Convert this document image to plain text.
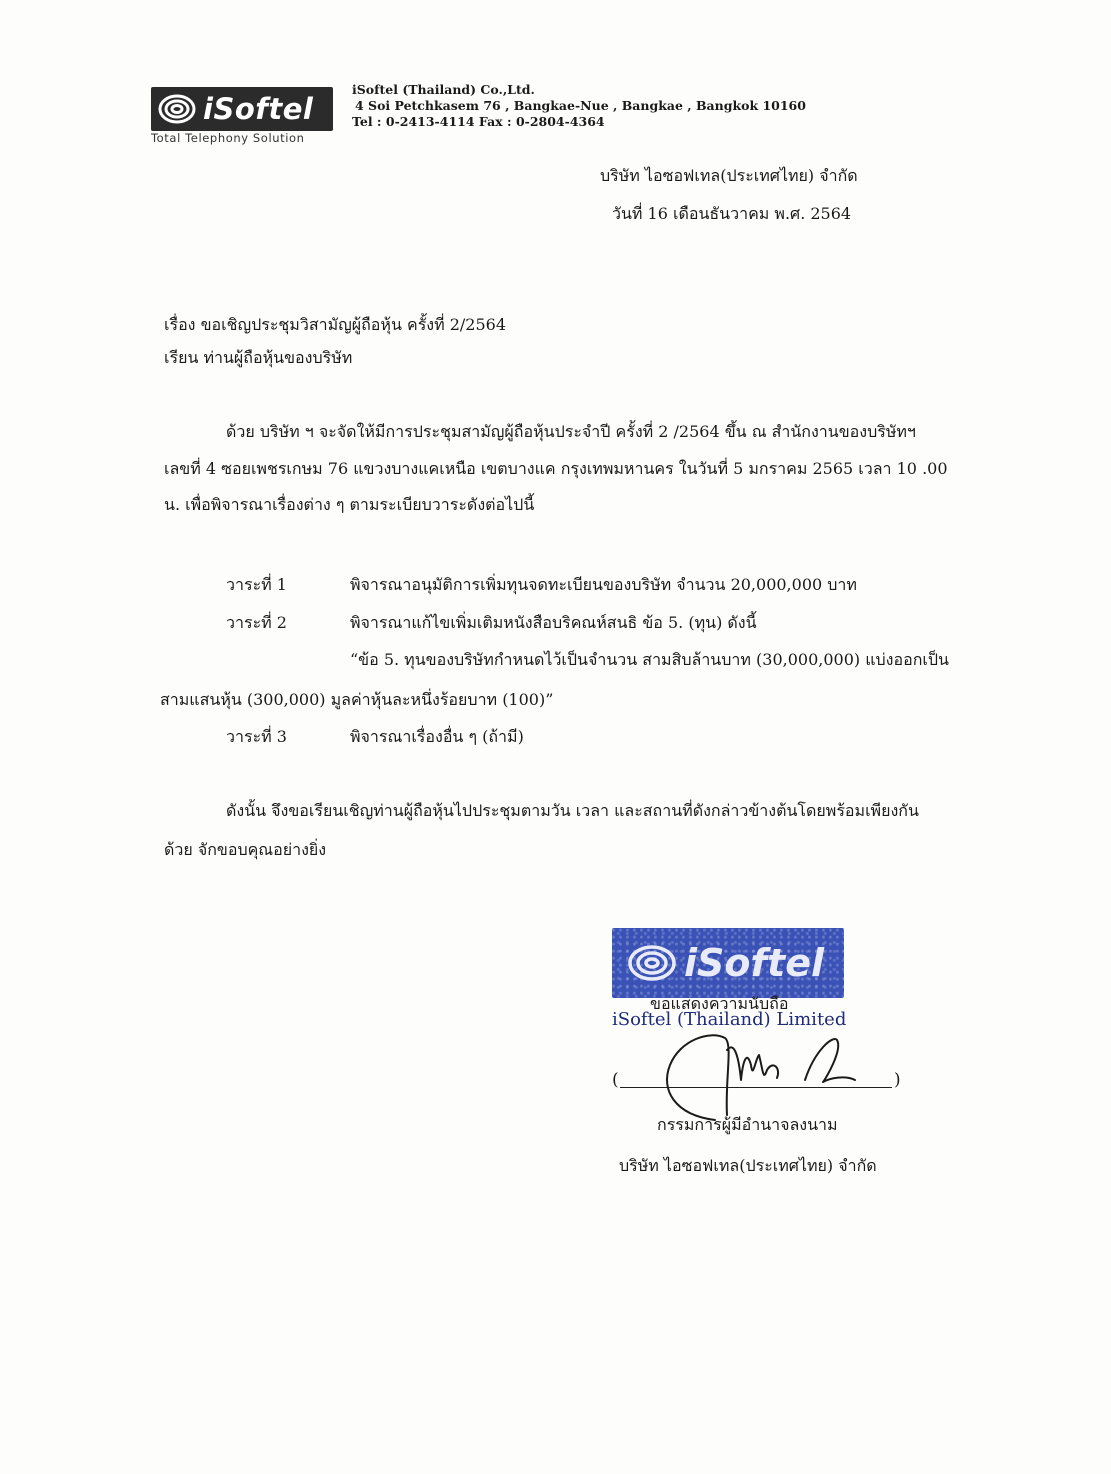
iSoftel
Total Telephony Solution
iSoftel (Thailand) Co.,Ltd.
4 Soi Petchkasem 76 , Bangkae-Nue , Bangkae , Bangkok 10160
Tel : 0-2413-4114 Fax : 0-2804-4364
บริษัท ไอซอฟเทล(ประเทศไทย) จำกัด
วันที่ 16 เดือนธันวาคม พ.ศ. 2564
เรื่อง ขอเชิญประชุมวิสามัญผู้ถือหุ้น ครั้งที่ 2/2564
เรียน ท่านผู้ถือหุ้นของบริษัท
ด้วย บริษัท ฯ จะจัดให้มีการประชุมสามัญผู้ถือหุ้นประจำปี ครั้งที่ 2 /2564 ขึ้น ณ สำนักงานของบริษัทฯ
เลขที่ 4 ซอยเพชรเกษม 76 แขวงบางแคเหนือ เขตบางแค กรุงเทพมหานคร ในวันที่ 5 มกราคม 2565 เวลา 10 .00
น. เพื่อพิจารณาเรื่องต่าง ๆ ตามระเบียบวาระดังต่อไปนี้
วาระที่ 1	พิจารณาอนุมัติการเพิ่มทุนจดทะเบียนของบริษัท จำนวน 20,000,000 บาท
วาระที่ 2	พิจารณาแก้ไขเพิ่มเติมหนังสือบริคณห์สนธิ ข้อ 5. (ทุน) ดังนี้
“ข้อ 5. ทุนของบริษัทกำหนดไว้เป็นจำนวน สามสิบล้านบาท (30,000,000) แบ่งออกเป็น
สามแสนหุ้น (300,000) มูลค่าหุ้นละหนึ่งร้อยบาท (100)”
วาระที่ 3	พิจารณาเรื่องอื่น ๆ (ถ้ามี)
ดังนั้น จึงขอเรียนเชิญท่านผู้ถือหุ้นไปประชุมตามวัน เวลา และสถานที่ดังกล่าวข้างต้นโดยพร้อมเพียงกัน
ด้วย จักขอบคุณอย่างยิ่ง
iSoftel
ขอแสดงความนับถือ
iSoftel (Thailand) Limited
(	)
กรรมการผู้มีอำนาจลงนาม
บริษัท ไอซอฟเทล(ประเทศไทย) จำกัด
